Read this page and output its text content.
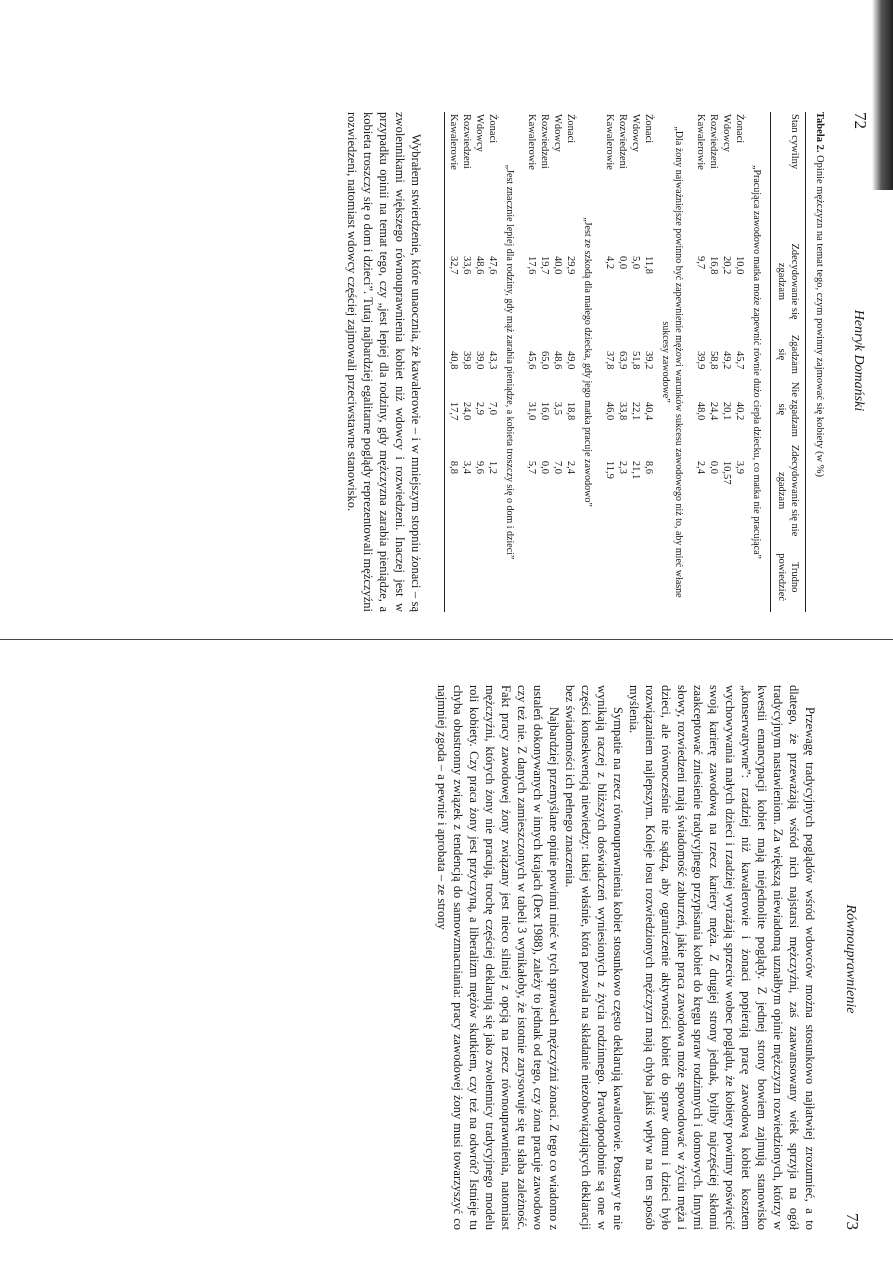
72
Henryk Domański
Tabela 2. Opinie mężczyzn na temat tego, czym powinny zajmować się kobiety (w %)
Stan cywilny	Zdecydowanie się zgadzam	Zgadzam się	Nie zgadzam się	Zdecydowanie się nie zgadzam	Trudno powiedzieć
„Pracująca zawodowo matka może zapewnić równie dużo ciepła dziecku, co matka nie pracująca”					
Żonaci	10,0	45,7	40,2	3,9	
Wdowcy	20,2	49,2	20,1	10,57	
Rozwiedzeni	16,8	58,8	24,4	0,0	
Kawalerowie	9,7	39,9	48,0	2,4	
„Dla żony najważniejsze powinno być zapewnienie mężowi warunków sukcesu zawodowego niż to, aby mieć własne sukcesy zawodowe”					
Żonaci	11,8	39,2	40,4	8,6	
Wdowcy	5,0	51,8	22,1	21,1	
Rozwiedzeni	0,0	63,9	33,8	2,3	
Kawalerowie	4,2	37,8	46,0	11,9	
„Jest ze szkodą dla małego dziecka, gdy jego matka pracuje zawodowo”					
Żonaci	29,9	49,0	18,8	2,4	
Wdowcy	40,0	48,6	3,5	7,0	
Rozwiedzeni	19,7	65,0	16,0	0,0	
Kawalerowie	17,6	45,6	31,0	5,7	
„Jest znacznie lepiej dla rodziny, gdy mąż zarabia pieniądze, a kobieta troszczy się o dom i dzieci”					
Żonaci	47,6	43,3	7,0	1,2	
Wdowcy	48,6	39,0	2,9	9,6	
Rozwiedzeni	33,6	39,8	24,0	3,4	
Kawalerowie	32,7	40,8	17,7	8,8	

Wybrałem stwierdzenie, które unaocznia, że kawalerowie – i w mniejszym stopniu żonaci – są zwolennikami większego równouprawnienia kobiet niż wdowcy i rozwiedzeni. Inaczej jest w przypadku opinii na temat tego, czy „jest lepiej dla rodziny, gdy mężczyzna zarabia pieniądze, a kobieta troszczy się o dom i dzieci”. Tutaj najbardziej egalitarne poglądy reprezentowali mężczyźni rozwiedzeni, natomiast wdowcy częściej zajmowali przeciwstawne stanowisko.

Równouprawnienie
73

Przewagę tradycyjnych poglądów wśród wdowców można stosunkowo najłatwiej zrozumieć, a to dlatego, że przeważają wśród nich najstarsi mężczyźni, zaś zaawansowany wiek sprzyja na ogół tradycyjnym nastawieniom. Za większą niewiadomą uznałbym opinie mężczyzn rozwiedzionych, którzy w kwestii emancypacji kobiet mają niejednolite poglądy. Z jednej strony bowiem zajmują stanowisko „konserwatywne”: rzadziej niż kawalerowie i żonaci popierają pracę zawodową kobiet kosztem wychowywania małych dzieci i rzadziej wyrażają sprzeciw wobec poglądu, że kobiety powinny poświęcić swoją karierę zawodową na rzecz kariery męża. Z drugiej strony jednak, byliby najczęściej skłonni zaakceptować zniesienie tradycyjnego przypisania kobiet do kręgu spraw rodzinnych i domowych. Innymi słowy, rozwiedzeni mają świadomość zaburzeń, jakie praca zawodowa może spowodować w życiu męża i dzieci, ale równocześnie nie sądzą, aby ograniczenie aktywności kobiet do spraw domu i dzieci było rozwiązaniem najlepszym. Koleje losu rozwiedzionych mężczyzn mają chyba jakiś wpływ na ten sposób myślenia.

Sympatie na rzecz równouprawnienia kobiet stosunkowo często deklarują kawalerowie. Postawy te nie wynikają raczej z bliższych doświadczeń wyniesionych z życia rodzinnego. Prawdopodobnie są one w części konsekwencją niewiedzy: takiej właśnie, która pozwala na składanie niezobowiązujących deklaracji bez świadomości ich pełnego znaczenia.

Najbardziej przemyślane opinie powinni mieć w tych sprawach mężczyźni żonaci. Z tego co wiadomo z ustaleń dokonywanych w innych krajach (Dex 1988), zależy to jednak od tego, czy żona pracuje zawodowo czy też nie. Z danych zamieszczonych w tabeli 3 wynikałoby, że istotnie zarysowuje się tu słaba zależność. Fakt pracy zawodowej żony związany jest nieco silniej z opcją na rzecz równouprawnienia, natomiast mężczyźni, których żony nie pracują, trochę częściej deklarują się jako zwolennicy tradycyjnego modelu roli kobiety. Czy praca żony jest przyczyną, a liberalizm mężów skutkiem, czy też na odwrót? Istnieje tu chyba obustronny związek z tendencją do samowzmacniania: pracy zawodowej żony musi towarzyszyć co najmniej zgoda – a pewnie i aprobata – ze strony
